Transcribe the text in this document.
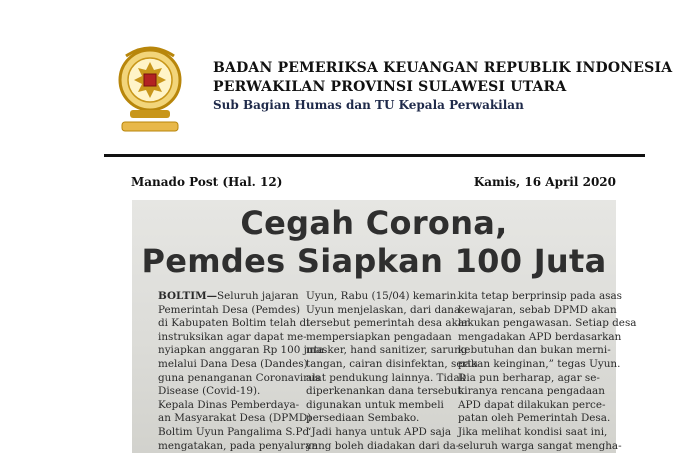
BADAN PEMERIKSA KEUANGAN REPUBLIK INDONESIA
PERWAKILAN PROVINSI SULAWESI UTARA
Sub Bagian Humas dan TU Kepala Perwakilan
Manado Post (Hal. 12)	Kamis, 16 April 2020
Cegah Corona,
Pemdes Siapkan 100 Juta
BOLTIM—Seluruh jajaran
Pemerintah Desa (Pemdes)
di Kabupaten Boltim telah di-
instruksikan agar dapat me-
nyiapkan anggaran Rp 100 juta
melalui Dana Desa (Dandes)
guna penanganan Coronavirus
Disease (Covid-19).
Kepala Dinas Pemberdaya-
an Masyarakat Desa (DPMD)
Boltim Uyun Pangalima S.Pd
mengatakan, pada penyaluran
Uyun, Rabu (15/04) kemarin.
Uyun menjelaskan, dari dana
tersebut pemerintah desa akan
mempersiapkan pengadaan
masker, hand sanitizer, sarung
tangan, cairan disinfektan, serta
alat pendukung lainnya. Tidak
diperkenankan dana tersebut
digunakan untuk membeli
persediaan Sembako.
“Jadi hanya untuk APD saja
yang boleh diadakan dari da-
kita tetap berprinsip pada asas
kewajaran, sebab DPMD akan
lakukan pengawasan. Setiap desa
mengadakan APD berdasarkan
kebutuhan dan bukan merni-
pakan keinginan,” tegas Uyun.
Dia pun berharap, agar se-
kiranya rencana pengadaan
APD dapat dilakukan perce-
patan oleh Pemerintah Desa.
Jika melihat kondisi saat ini,
seluruh warga sangat mengha-
